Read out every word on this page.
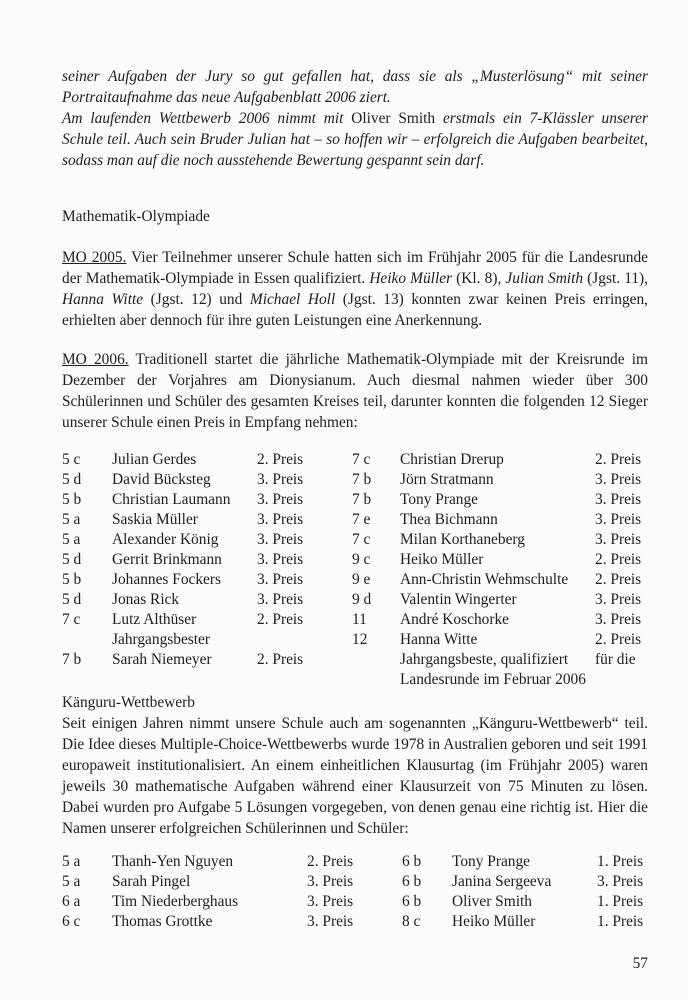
seiner Aufgaben der Jury so gut gefallen hat, dass sie als „Musterlösung“ mit seiner Portraitaufnahme das neue Aufgabenblatt 2006 ziert.

Am laufenden Wettbewerb 2006 nimmt mit Oliver Smith erstmals ein 7-Klässler unserer Schule teil. Auch sein Bruder Julian hat – so hoffen wir – erfolgreich die Aufgaben bearbeitet, sodass man auf die noch ausstehende Bewertung gespannt sein darf.

Mathematik-Olympiade

MO 2005. Vier Teilnehmer unserer Schule hatten sich im Frühjahr 2005 für die Landesrunde der Mathematik-Olympiade in Essen qualifiziert. Heiko Müller (Kl. 8), Julian Smith (Jgst. 11), Hanna Witte (Jgst. 12) und Michael Holl (Jgst. 13) konnten zwar keinen Preis erringen, erhielten aber dennoch für ihre guten Leistungen eine Anerkennung.

MO 2006. Traditionell startet die jährliche Mathematik-Olympiade mit der Kreisrunde im Dezember der Vorjahres am Dionysianum. Auch diesmal nahmen wieder über 300 Schülerinnen und Schüler des gesamten Kreises teil, darunter konnten die folgenden 12 Sieger unserer Schule einen Preis in Empfang nehmen:

5 c	Julian Gerdes	2. Preis	7 c	Christian Drerup	2. Preis
5 d	David Bücksteg	3. Preis	7 b	Jörn Stratmann	3. Preis
5 b	Christian Laumann	3. Preis	7 b	Tony Prange	3. Preis
5 a	Saskia Müller	3. Preis	7 e	Thea Bichmann	3. Preis
5 a	Alexander König	3. Preis	7 c	Milan Korthaneberg	3. Preis
5 d	Gerrit Brinkmann	3. Preis	9 c	Heiko Müller	2. Preis
5 b	Johannes Fockers	3. Preis	9 e	Ann-Christin Wehmschulte	2. Preis
5 d	Jonas Rick	3. Preis	9 d	Valentin Wingerter	3. Preis
7 c	Lutz Althüser	2. Preis	11	André Koschorke	3. Preis
	Jahrgangsbester		12	Hanna Witte	2. Preis
7 b	Sarah Niemeyer	2. Preis		Jahrgangsbeste, qualifiziert	für die
				Landesrunde im Februar 2006	
Känguru-Wettbewerb

Seit einigen Jahren nimmt unsere Schule auch am sogenannten „Känguru-Wettbewerb“ teil. Die Idee dieses Multiple-Choice-Wettbewerbs wurde 1978 in Australien geboren und seit 1991 europaweit institutionalisiert. An einem einheitlichen Klausurtag (im Frühjahr 2005) waren jeweils 30 mathematische Aufgaben während einer Klausurzeit von 75 Minuten zu lösen. Dabei wurden pro Aufgabe 5 Lösungen vorgegeben, von denen genau eine richtig ist. Hier die Namen unserer erfolgreichen Schülerinnen und Schüler:

5 a	Thanh-Yen Nguyen	2. Preis	6 b	Tony Prange	1. Preis
5 a	Sarah Pingel	3. Preis	6 b	Janina Sergeeva	3. Preis
6 a	Tim Niederberghaus	3. Preis	6 b	Oliver Smith	1. Preis
6 c	Thomas Grottke	3. Preis	8 c	Heiko Müller	1. Preis
57
